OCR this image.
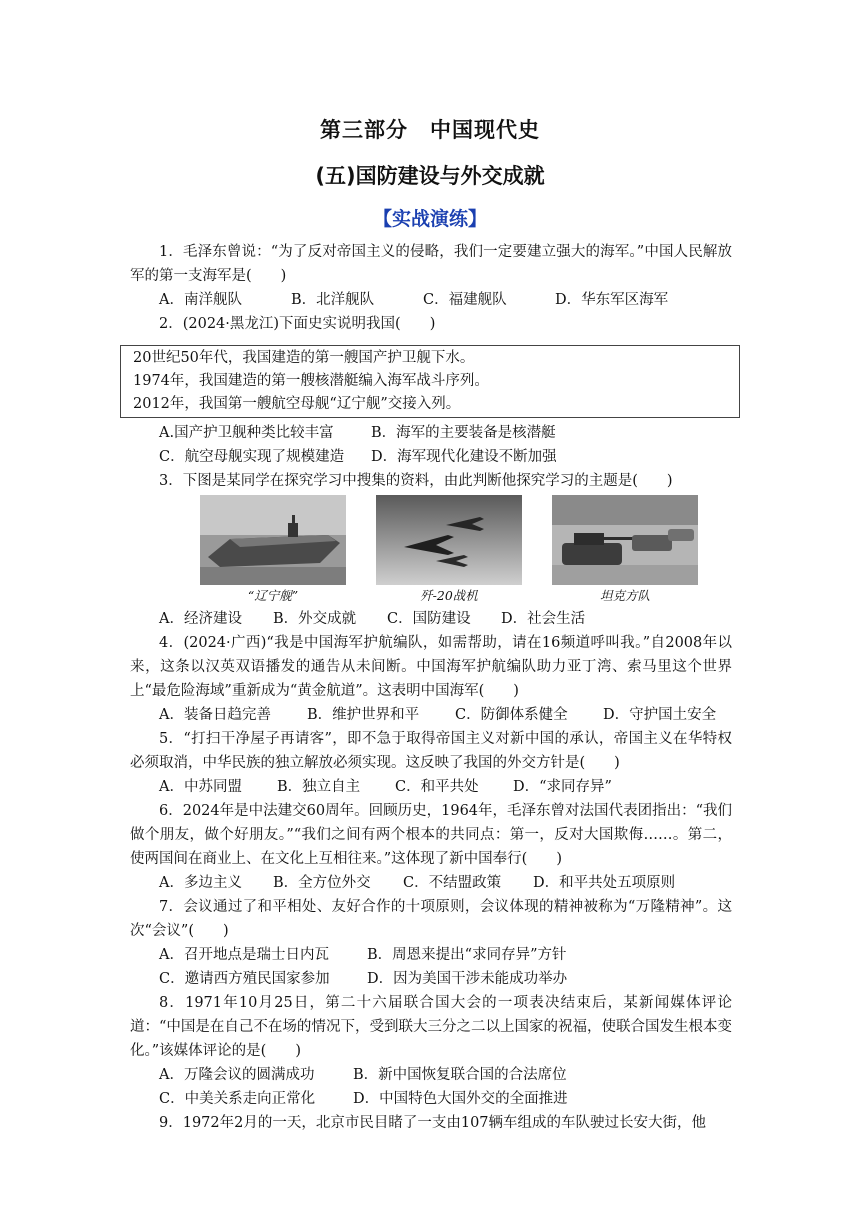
第三部分　中国现代史
(五)国防建设与外交成就
【实战演练】

1．毛泽东曾说：“为了反对帝国主义的侵略，我们一定要建立强大的海军。”中国人民解放军的第一支海军是(　　)

A．南洋舰队	B．北洋舰队	C．福建舰队	D．华东军区海军

2．(2024·黑龙江)下面史实说明我国(　　)

20世纪50年代，我国建造的第一艘国产护卫舰下水。
1974年，我国建造的第一艘核潜艇编入海军战斗序列。
2012年，我国第一艘航空母舰“辽宁舰”交接入列。
A.国产护卫舰种类比较丰富	B．海军的主要装备是核潜艇
C．航空母舰实现了规模建造	D．海军现代化建设不断加强

3．下图是某同学在探究学习中搜集的资料，由此判断他探究学习的主题是(　　)

“辽宁舰”	歼-20战机	坦克方队
A．经济建设	B．外交成就	C．国防建设	D．社会生活

4．(2024·广西)“我是中国海军护航编队，如需帮助，请在16频道呼叫我。”自2008年以来，这条以汉英双语播发的通告从未间断。中国海军护航编队助力亚丁湾、索马里这个世界上“最危险海域”重新成为“黄金航道”。这表明中国海军(　　)

A．装备日趋完善	B．维护世界和平	C．防御体系健全	D．守护国土安全

5．“打扫干净屋子再请客”，即不急于取得帝国主义对新中国的承认，帝国主义在华特权必须取消，中华民族的独立解放必须实现。这反映了我国的外交方针是(　　)

A．中苏同盟	B．独立自主	C．和平共处	D．“求同存异”

6．2024年是中法建交60周年。回顾历史，1964年，毛泽东曾对法国代表团指出：“我们做个朋友，做个好朋友。”“我们之间有两个根本的共同点：第一，反对大国欺侮……。第二，使两国间在商业上、在文化上互相往来。”这体现了新中国奉行(　　)

A．多边主义	B．全方位外交	C．不结盟政策	D．和平共处五项原则

7．会议通过了和平相处、友好合作的十项原则，会议体现的精神被称为“万隆精神”。这次“会议”(　　)

A．召开地点是瑞士日内瓦	B．周恩来提出“求同存异”方针
C．邀请西方殖民国家参加	D．因为美国干涉未能成功举办

8．1971年10月25日，第二十六届联合国大会的一项表决结束后，某新闻媒体评论道：“中国是在自己不在场的情况下，受到联大三分之二以上国家的祝福，使联合国发生根本变化。”该媒体评论的是(　　)

A．万隆会议的圆满成功	B．新中国恢复联合国的合法席位
C．中美关系走向正常化	D．中国特色大国外交的全面推进

9．1972年2月的一天，北京市民目睹了一支由107辆车组成的车队驶过长安大街，他
